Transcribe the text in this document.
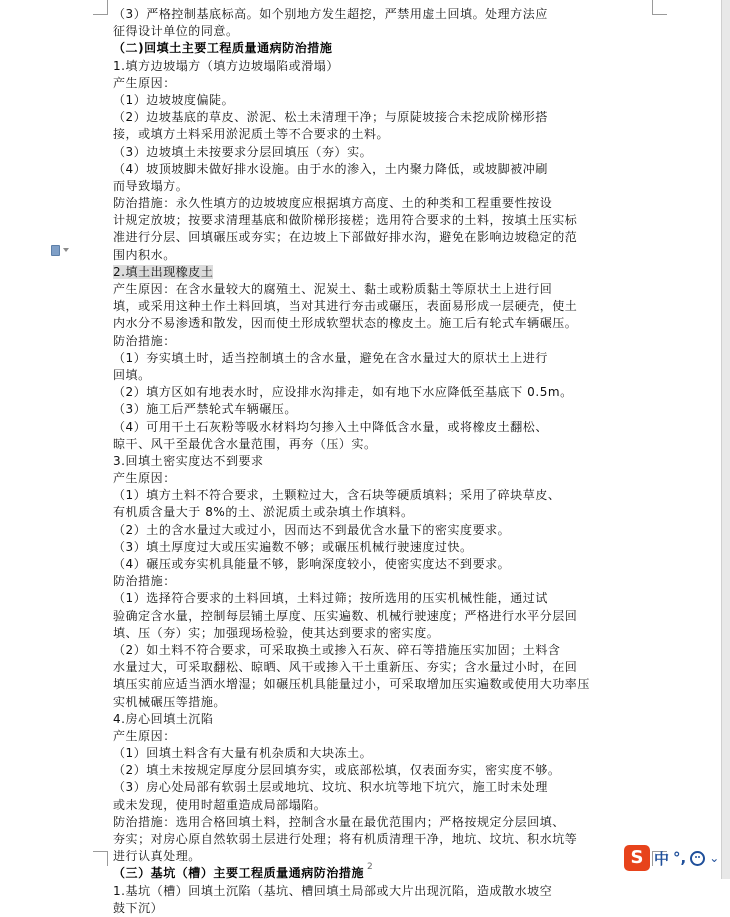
（3）严格控制基底标高。如个别地方发生超挖，严禁用虚土回填。处理方法应
征得设计单位的同意。
（二)回填土主要工程质量通病防治措施
1.填方边坡塌方（填方边坡塌陷或滑塌）
产生原因：
（1）边坡坡度偏陡。
（2）边坡基底的草皮、淤泥、松土未清理干净；与原陡坡接合未挖成阶梯形搭
接，或填方土料采用淤泥质土等不合要求的土料。
（3）边坡填土未按要求分层回填压（夯）实。
（4）坡顶坡脚未做好排水设施。由于水的渗入，土内聚力降低，或坡脚被冲刷
而导致塌方。
防治措施：永久性填方的边坡坡度应根据填方高度、土的种类和工程重要性按设
计规定放坡；按要求清理基底和做阶梯形接槎；选用符合要求的土料，按填土压实标
准进行分层、回填碾压或夯实；在边坡上下部做好排水沟，避免在影响边坡稳定的范
围内积水。
2.填土出现橡皮土
产生原因：在含水量较大的腐殖土、泥炭土、黏土或粉质黏土等原状土上进行回
填，或采用这种土作土料回填，当对其进行夯击或碾压，表面易形成一层硬壳，使土
内水分不易渗透和散发，因而使土形成软塑状态的橡皮土。施工后有轮式车辆碾压。
防治措施：
（1）夯实填土时，适当控制填土的含水量，避免在含水量过大的原状土上进行
回填。
（2）填方区如有地表水时，应设排水沟排走，如有地下水应降低至基底下 0.5m。
（3）施工后严禁轮式车辆碾压。
（4）可用干土石灰粉等吸水材料均匀掺入土中降低含水量，或将橡皮土翻松、
晾干、风干至最优含水量范围，再夯（压）实。
3.回填土密实度达不到要求
产生原因：
（1）填方土料不符合要求，土颗粒过大，含石块等硬质填料；采用了碎块草皮、
有机质含量大于 8%的土、淤泥质土或杂填土作填料。
（2）土的含水量过大或过小，因而达不到最优含水量下的密实度要求。
（3）填土厚度过大或压实遍数不够；或碾压机械行驶速度过快。
（4）碾压或夯实机具能量不够，影响深度较小，使密实度达不到要求。
防治措施：
（1）选择符合要求的土料回填，土料过筛；按所选用的压实机械性能，通过试
验确定含水量，控制每层铺土厚度、压实遍数、机械行驶速度；严格进行水平分层回
填、压（夯）实；加强现场检验，使其达到要求的密实度。
（2）如土料不符合要求，可采取换土或掺入石灰、碎石等措施压实加固；土料含
水量过大，可采取翻松、晾晒、风干或掺入干土重新压、夯实；含水量过小时，在回
填压实前应适当洒水增湿；如碾压机具能量过小，可采取增加压实遍数或使用大功率压
实机械碾压等措施。
4.房心回填土沉陷
产生原因：
（1）回填土料含有大量有机杂质和大块冻土。
（2）填土未按规定厚度分层回填夯实，或底部松填，仅表面夯实，密实度不够。
（3）房心处局部有软弱土层或地坑、坟坑、积水坑等地下坑穴，施工时未处理
或未发现，使用时超重造成局部塌陷。
防治措施：选用合格回填土料，控制含水量在最优范围内；严格按规定分层回填、
夯实；对房心原自然软弱土层进行处理；将有机质清理干净，地坑、坟坑、积水坑等
进行认真处理。
（三）基坑（槽）主要工程质量通病防治措施
1.基坑（槽）回填土沉陷（基坑、槽回填土局部或大片出现沉陷，造成散水坡空
鼓下沉）
2	S 中 °, ⌄
